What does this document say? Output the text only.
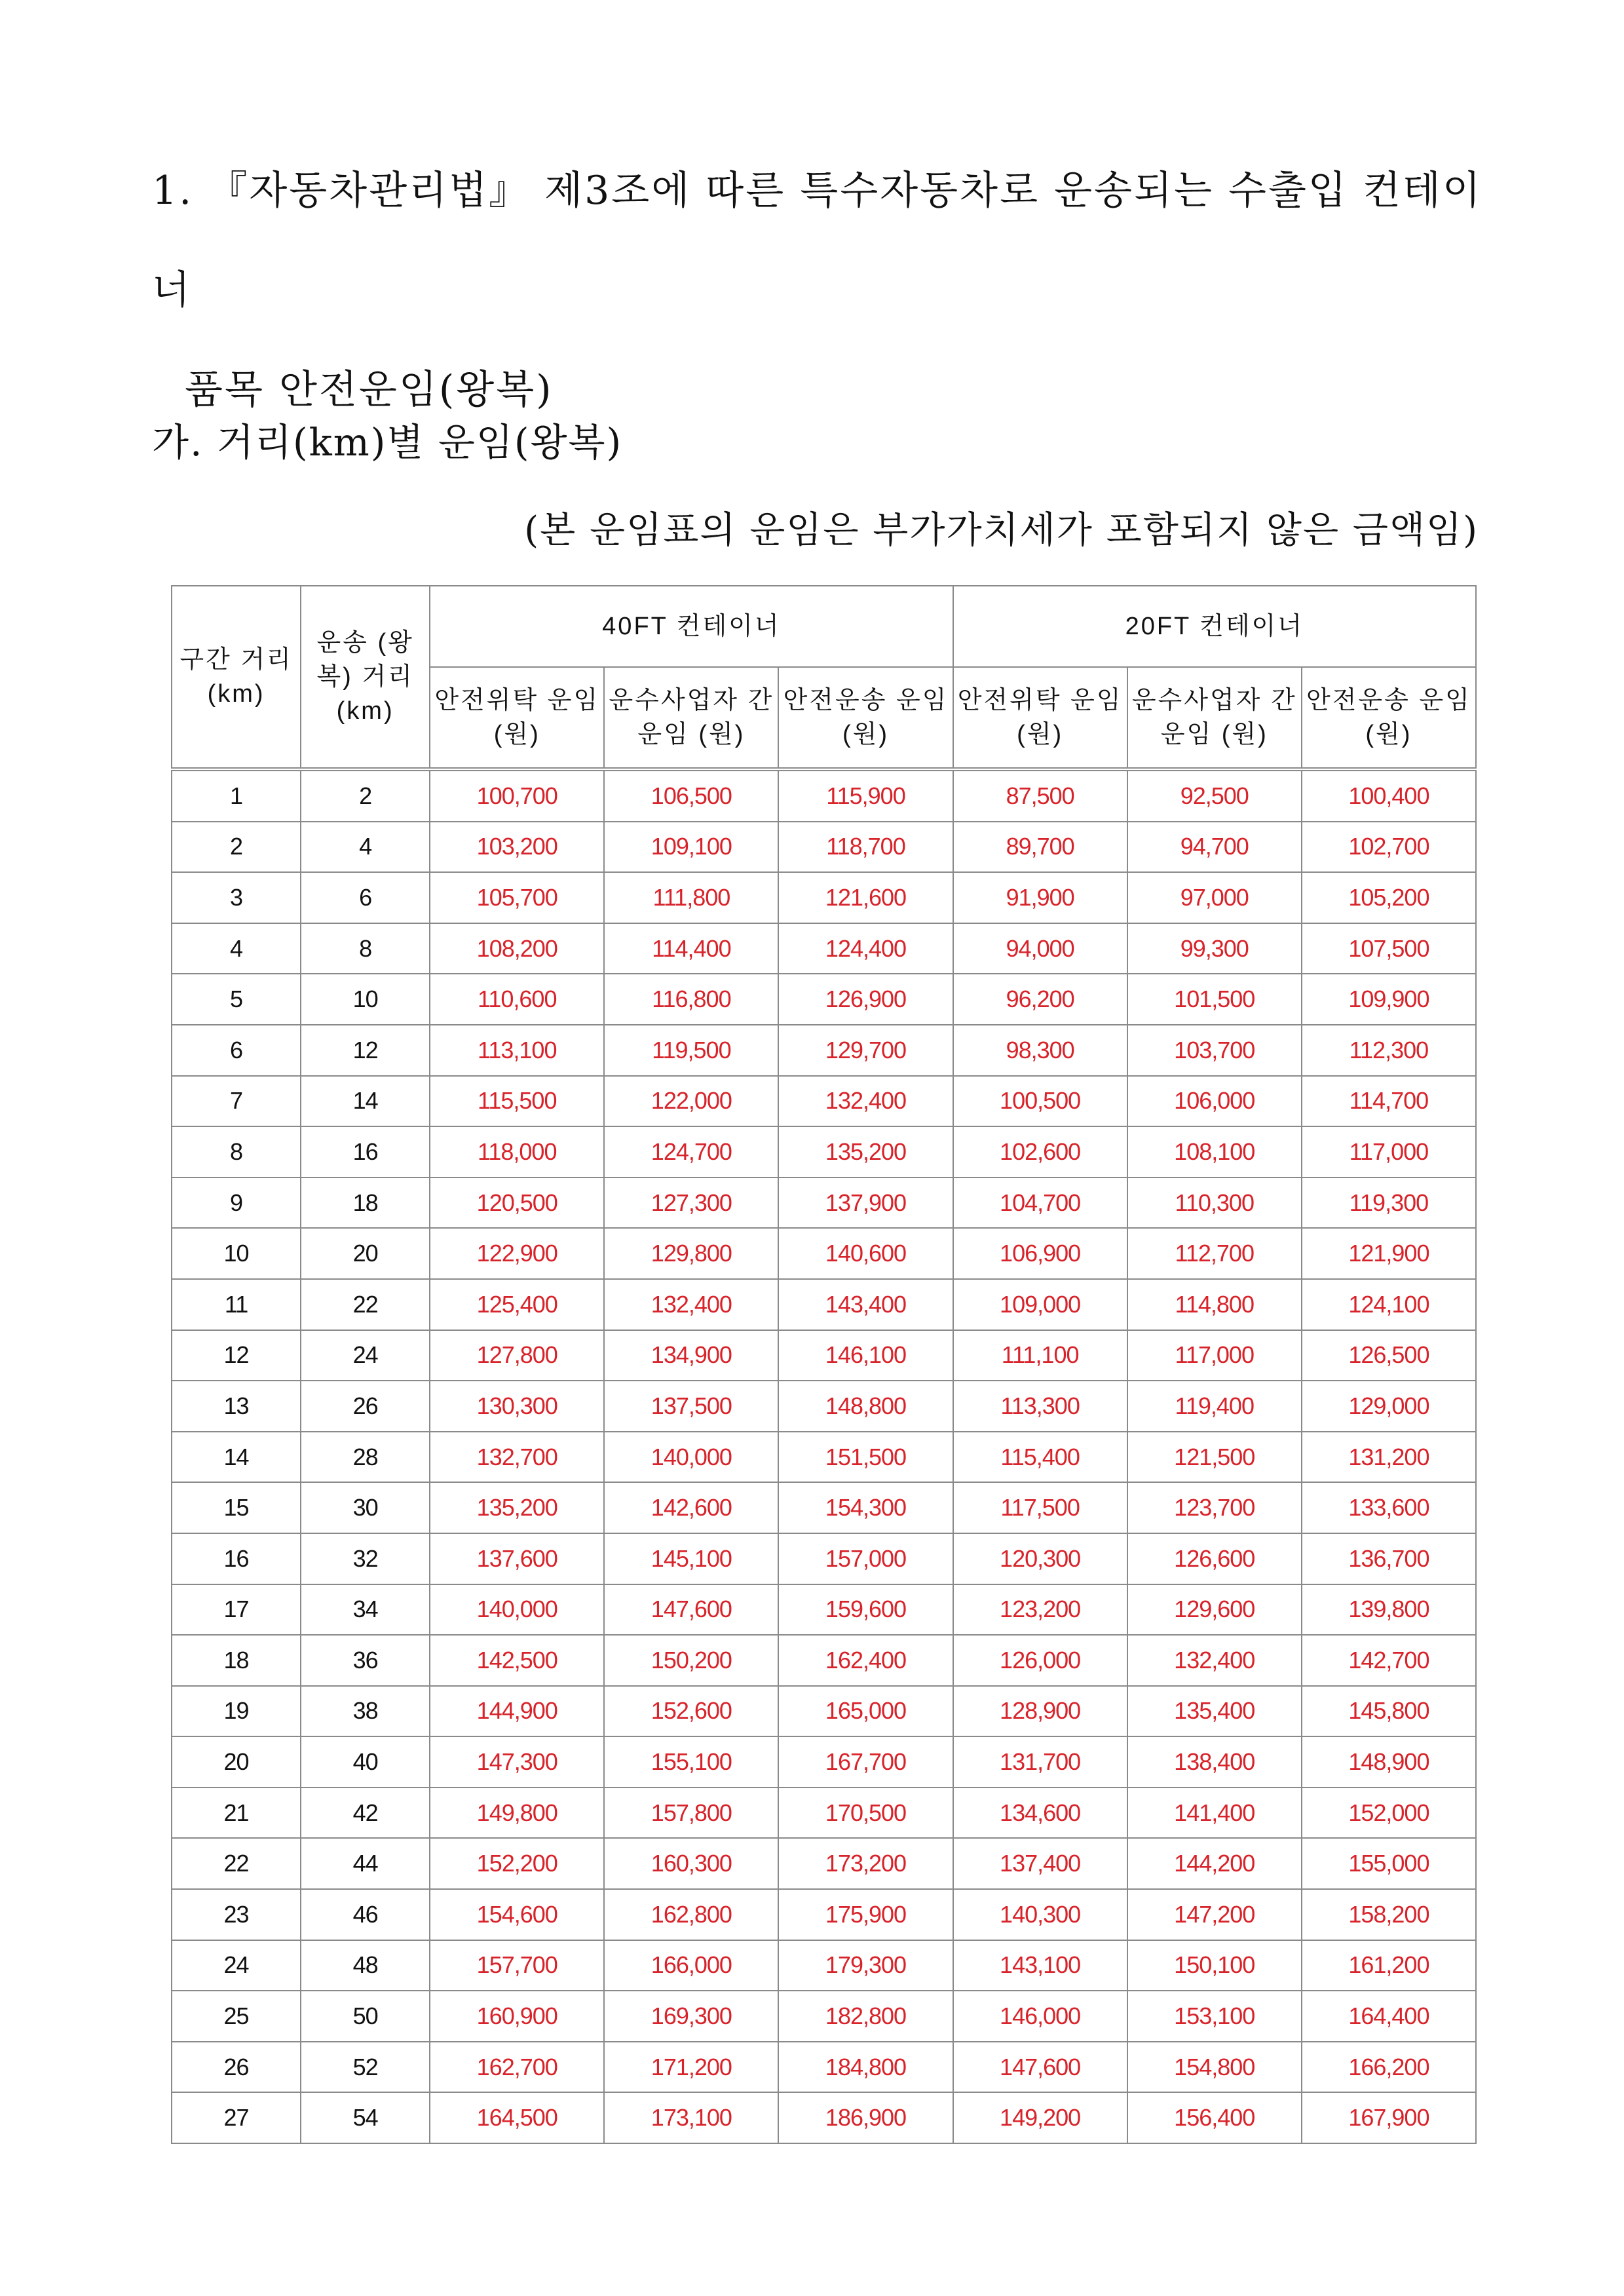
1. 『자동차관리법』 제3조에 따른 특수자동차로 운송되는 수출입 컨테이너
품목 안전운임(왕복)
가. 거리(km)별 운임(왕복)
(본 운임표의 운임은 부가가치세가 포함되지 않은 금액임)
구간 거리 (km)	운송 (왕복) 거리 (km)	40FT 컨테이너			20FT 컨테이너		
		안전위탁 운임 (원)	운수사업자 간 운임 (원)	안전운송 운임 (원)	안전위탁 운임 (원)	운수사업자 간 운임 (원)	안전운송 운임 (원)
1	2	100,700	106,500	115,900	87,500	92,500	100,400
2	4	103,200	109,100	118,700	89,700	94,700	102,700
3	6	105,700	111,800	121,600	91,900	97,000	105,200
4	8	108,200	114,400	124,400	94,000	99,300	107,500
5	10	110,600	116,800	126,900	96,200	101,500	109,900
6	12	113,100	119,500	129,700	98,300	103,700	112,300
7	14	115,500	122,000	132,400	100,500	106,000	114,700
8	16	118,000	124,700	135,200	102,600	108,100	117,000
9	18	120,500	127,300	137,900	104,700	110,300	119,300
10	20	122,900	129,800	140,600	106,900	112,700	121,900
11	22	125,400	132,400	143,400	109,000	114,800	124,100
12	24	127,800	134,900	146,100	111,100	117,000	126,500
13	26	130,300	137,500	148,800	113,300	119,400	129,000
14	28	132,700	140,000	151,500	115,400	121,500	131,200
15	30	135,200	142,600	154,300	117,500	123,700	133,600
16	32	137,600	145,100	157,000	120,300	126,600	136,700
17	34	140,000	147,600	159,600	123,200	129,600	139,800
18	36	142,500	150,200	162,400	126,000	132,400	142,700
19	38	144,900	152,600	165,000	128,900	135,400	145,800
20	40	147,300	155,100	167,700	131,700	138,400	148,900
21	42	149,800	157,800	170,500	134,600	141,400	152,000
22	44	152,200	160,300	173,200	137,400	144,200	155,000
23	46	154,600	162,800	175,900	140,300	147,200	158,200
24	48	157,700	166,000	179,300	143,100	150,100	161,200
25	50	160,900	169,300	182,800	146,000	153,100	164,400
26	52	162,700	171,200	184,800	147,600	154,800	166,200
27	54	164,500	173,100	186,900	149,200	156,400	167,900
